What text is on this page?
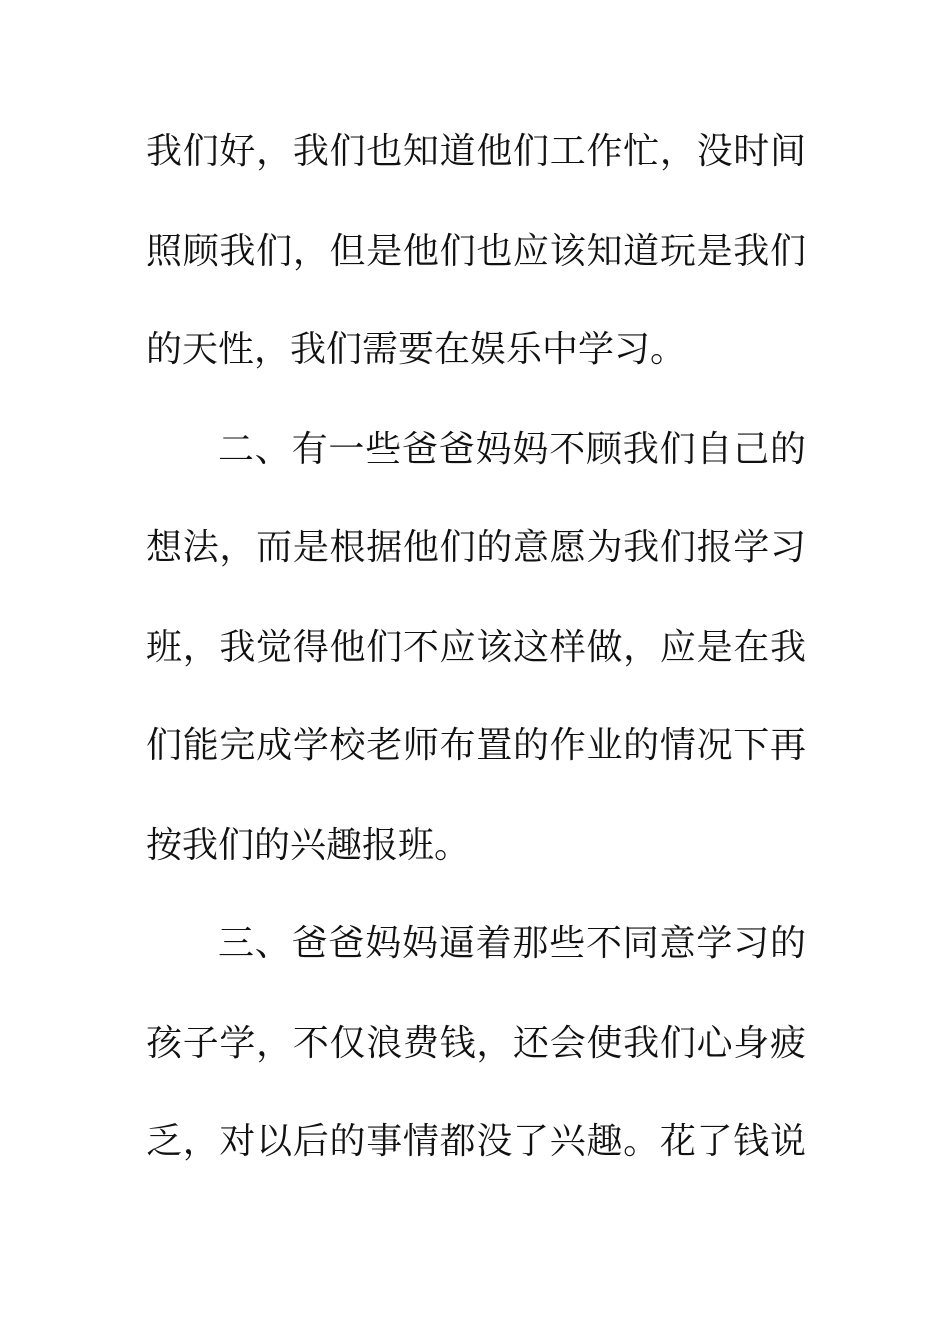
我们好，我们也知道他们工作忙，没时间

照顾我们，但是他们也应该知道玩是我们

的天性，我们需要在娱乐中学习。

二、有一些爸爸妈妈不顾我们自己的

想法，而是根据他们的意愿为我们报学习

班，我觉得他们不应该这样做，应是在我

们能完成学校老师布置的作业的情况下再

按我们的兴趣报班。

三、爸爸妈妈逼着那些不同意学习的

孩子学，不仅浪费钱，还会使我们心身疲

乏，对以后的事情都没了兴趣。花了钱说
